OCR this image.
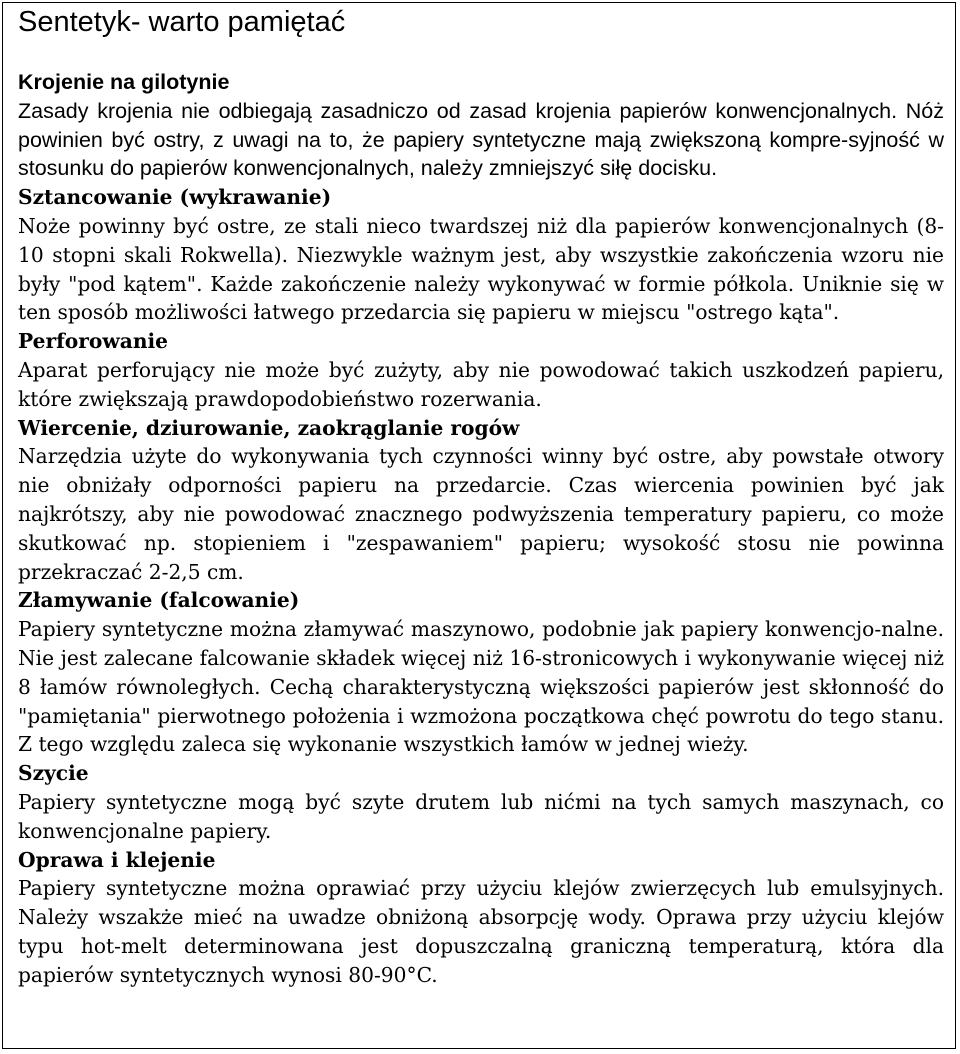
Sentetyk- warto pamiętać

Krojenie na gilotynie

Zasady krojenia nie odbiegają zasadniczo od zasad krojenia papierów konwencjonalnych. Nóż powinien być ostry, z uwagi na to, że papiery syntetyczne mają zwiększoną kompre-syjność w stosunku do papierów konwencjonalnych, należy zmniejszyć siłę docisku.

Sztancowanie (wykrawanie)

Noże powinny być ostre, ze stali nieco twardszej niż dla papierów konwencjonalnych (8-10 stopni skali Rokwella). Niezwykle ważnym jest, aby wszystkie zakończenia wzoru nie były "pod kątem". Każde zakończenie należy wykonywać w formie półkola. Uniknie się w ten sposób możliwości łatwego przedarcia się papieru w miejscu "ostrego kąta".

Perforowanie

Aparat perforujący nie może być zużyty, aby nie powodować takich uszkodzeń papieru, które zwiększają prawdopodobieństwo rozerwania.

Wiercenie, dziurowanie, zaokrąglanie rogów

Narzędzia użyte do wykonywania tych czynności winny być ostre, aby powstałe otwory nie obniżały odporności papieru na przedarcie. Czas wiercenia powinien być jak najkrótszy, aby nie powodować znacznego podwyższenia temperatury papieru, co może skutkować np. stopieniem i "zespawaniem" papieru; wysokość stosu nie powinna przekraczać 2-2,5 cm.

Złamywanie (falcowanie)

Papiery syntetyczne można złamywać maszynowo, podobnie jak papiery konwencjo-nalne. Nie jest zalecane falcowanie składek więcej niż 16-stronicowych i wykonywanie więcej niż 8 łamów równoległych. Cechą charakterystyczną większości papierów jest skłonność do "pamiętania" pierwotnego położenia i wzmożona początkowa chęć powrotu do tego stanu. Z tego względu zaleca się wykonanie wszystkich łamów w jednej wieży.

Szycie

Papiery syntetyczne mogą być szyte drutem lub nićmi na tych samych maszynach, co konwencjonalne papiery.

Oprawa i klejenie

Papiery syntetyczne można oprawiać przy użyciu klejów zwierzęcych lub emulsyjnych. Należy wszakże mieć na uwadze obniżoną absorpcję wody. Oprawa przy użyciu klejów typu hot-melt determinowana jest dopuszczalną graniczną temperaturą, która dla papierów syntetycznych wynosi 80-90°C.
